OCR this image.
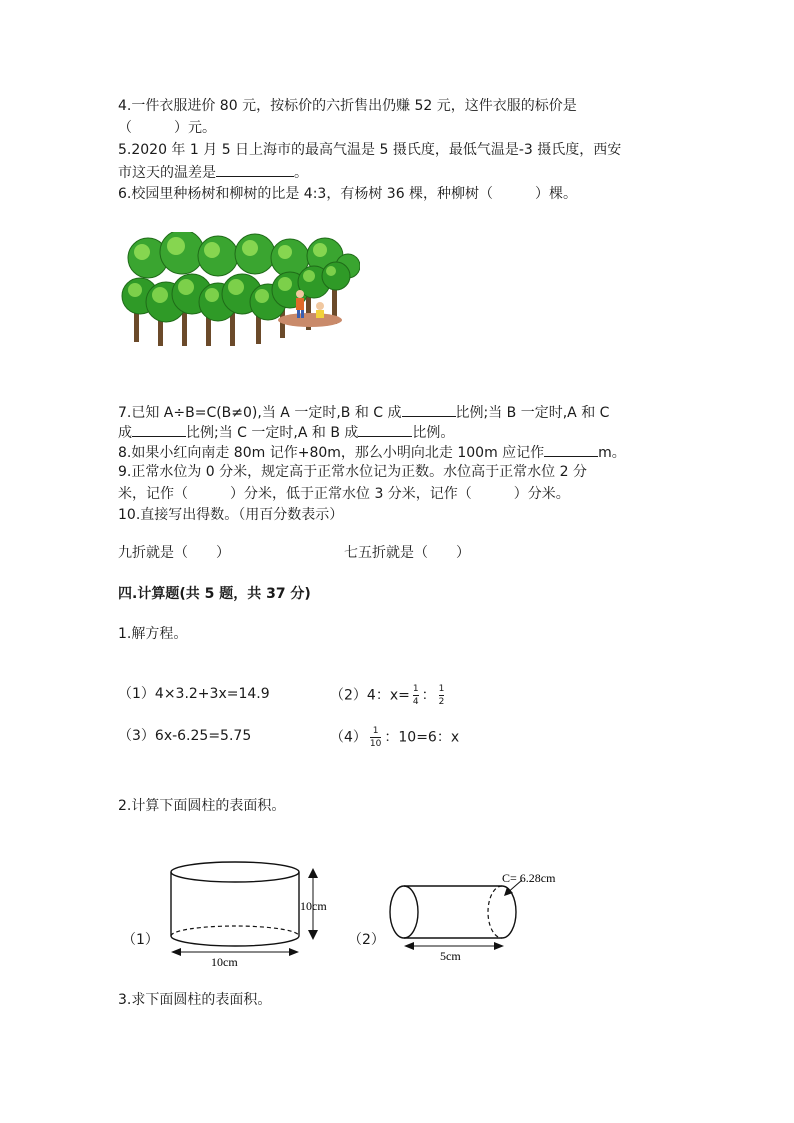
4.一件衣服进价 80 元，按标价的六折售出仍赚 52 元，这件衣服的标价是
（　　　）元。
5.2020 年 1 月 5 日上海市的最高气温是 5 摄氏度，最低气温是-3 摄氏度，西安
市这天的温差是	。
6.校园里种杨树和柳树的比是 4:3，有杨树 36 棵，种柳树（　　　）棵。
7.已知 A÷B=C(B≠0),当 A 一定时,B 和 C 成	比例;当 B 一定时,A 和 C
成	比例;当 C 一定时,A 和 B 成	比例。
8.如果小红向南走 80m 记作+80m，那么小明向北走 100m 应记作	m。
9.正常水位为 0 分米，规定高于正常水位记为正数。水位高于正常水位 2 分
米，记作（　　　）分米，低于正常水位 3 分米，记作（　　　）分米。
10.直接写出得数。（用百分数表示）
九折就是（　　）	七五折就是（　　）
四.计算题(共 5 题，共 37 分)
1.解方程。
（1）4×3.2+3x=14.9	（2）4：$x= \frac{1}{4}$ ： $\frac{1}{2}$
（3）6x-6.25=5.75	$(4) \frac{1}{10}$ ：10=6：x
2.计算下面圆柱的表面积。
（1）
10cm
10cm
（2）
C= 6.28cm
5cm
3.求下面圆柱的表面积。
